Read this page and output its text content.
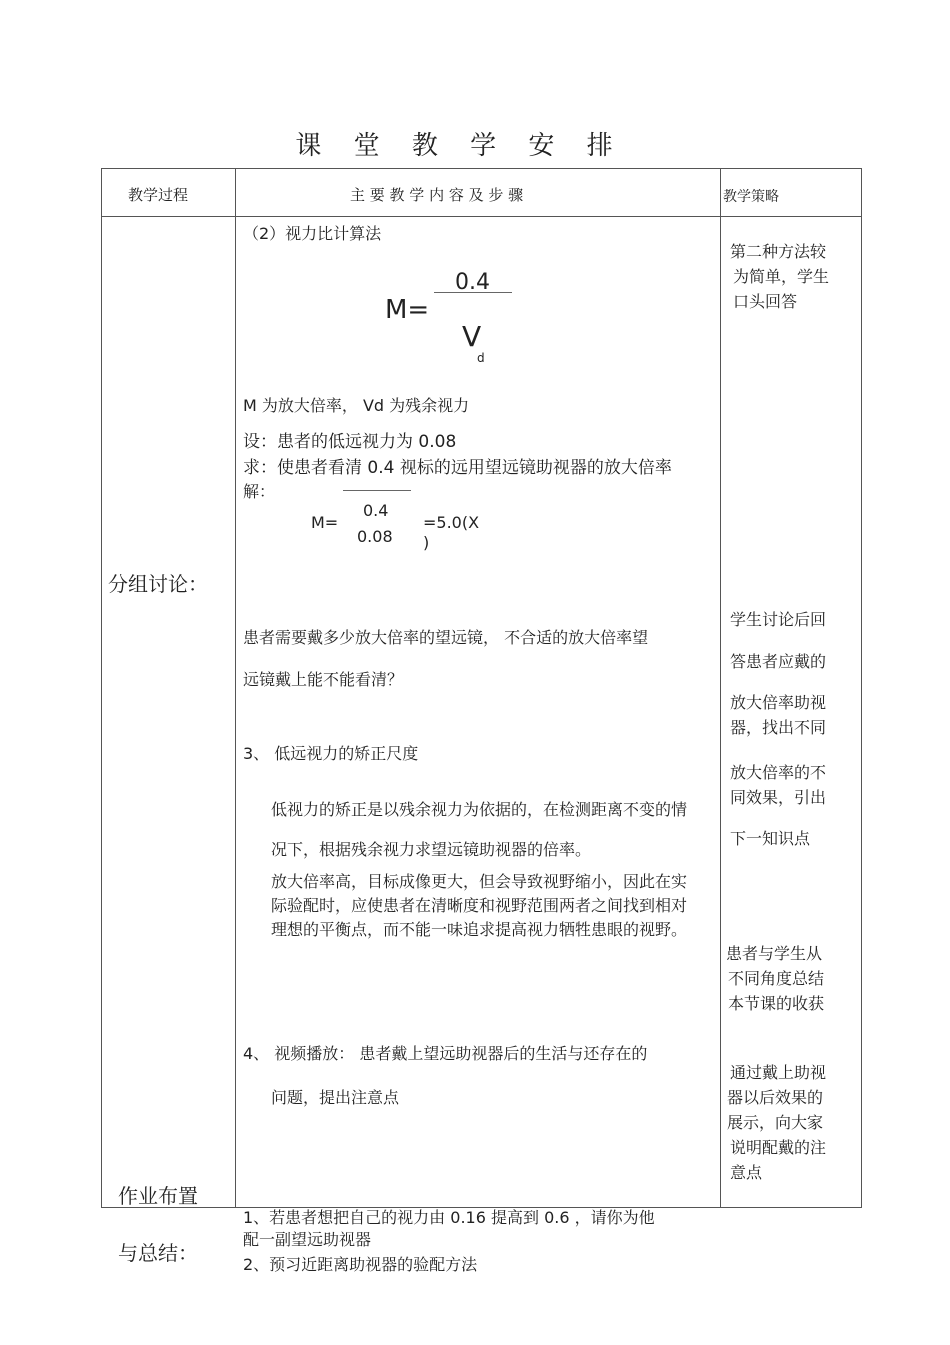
课 堂 教 学 安 排
教学过程	主 要 教 学 内 容 及 步 骤	教学策略
分组讨论：
作业布置
与总结：
（2）视力比计算法
M=
0.4
V
d
M 为放大倍率， Vd 为残余视力
设：患者的低远视力为 0.08
求：使患者看清 0.4 视标的远用望远镜助视器的放大倍率
解：
M=
0.4
0.08
=5.0(X
)
患者需要戴多少放大倍率的望远镜， 不合适的放大倍率望
远镜戴上能不能看清？
3、 低远视力的矫正尺度
低视力的矫正是以残余视力为依据的，在检测距离不变的情况下，根据残余视力求望远镜助视器的倍率。
放大倍率高，目标成像更大，但会导致视野缩小，因此在实际验配时，应使患者在清晰度和视野范围两者之间找到相对理想的平衡点，而不能一味追求提高视力牺牲患眼的视野。
4、 视频播放： 患者戴上望远助视器后的生活与还存在的
问题，提出注意点
1、若患者想把自己的视力由 0.16 提高到 0.6 ，请你为他
配一副望远助视器
2、预习近距离助视器的验配方法
第二种方法较
为简单，学生
口头回答
学生讨论后回
答患者应戴的
放大倍率助视
器，找出不同
放大倍率的不
同效果，引出
下一知识点
患者与学生从
不同角度总结
本节课的收获
通过戴上助视
器以后效果的
展示，向大家
说明配戴的注
意点
